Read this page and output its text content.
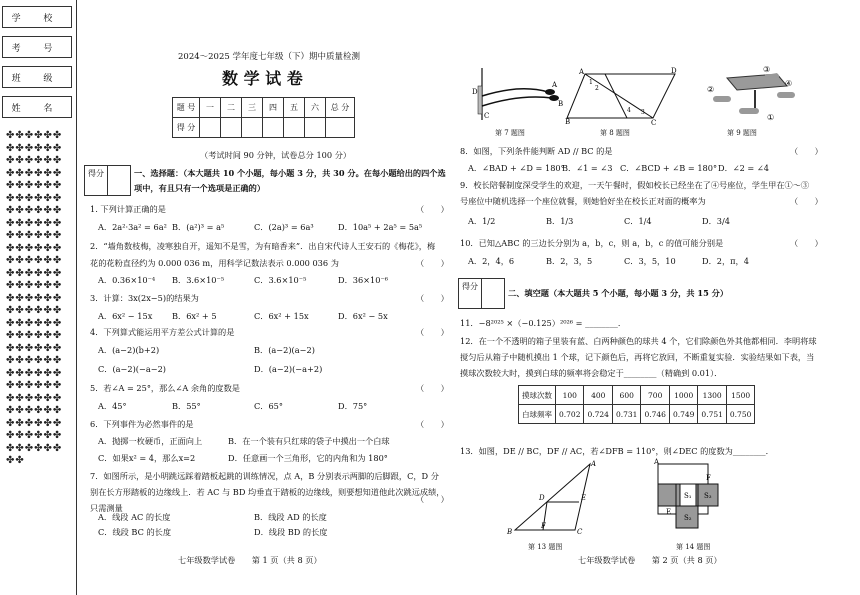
学 校
考 号
班 级
姓 名
✤✤✤✤✤✤✤✤✤✤✤✤✤✤✤✤✤✤✤✤✤✤✤✤✤✤✤✤✤✤✤✤✤✤✤✤✤✤✤✤✤✤✤✤✤✤✤✤✤✤✤✤✤✤✤✤✤✤✤✤✤✤✤✤✤✤✤✤✤✤✤✤✤✤✤✤✤✤✤✤✤✤✤✤✤✤✤✤✤✤✤✤✤✤✤✤✤✤✤✤✤✤✤✤✤✤✤✤✤✤✤✤✤✤✤✤✤✤✤✤✤✤✤✤✤✤✤✤✤✤✤✤✤✤✤✤✤✤✤✤✤✤✤✤✤✤✤✤✤✤✤✤✤✤✤✤✤✤
2024～2025 学年度七年级（下）期中质量检测
数 学 试 卷
题 号	一	二	三	四	五	六	总 分
得 分							
（考试时间 90 分钟，试卷总分 100 分）
得分	一、选择题：（本大题共 10 个小题，每小题 3 分，共 30 分。在每小题给出的四个选
项中，有且只有一个选项是正确的）
1. 下列计算正确的是	（　　）
A．2a²·3a² = 6a² B．(a²)³ = a⁵	C．(2a)³ = 6a³	D．10a⁵ + 2a⁵ = 5a⁵
2．“墙角数枝梅，凌寒独自开，遥知不是雪，为有暗香来”．出自宋代诗人王安石的《梅花》，梅
花的花粉直径约为 0.000 036 m，用科学记数法表示 0.000 036 为	（　　）
A．0.36×10⁻⁴ B．3.6×10⁻⁵	C．3.6×10⁻⁵	D．36×10⁻⁶
3．计算：3x(2x−5)的结果为	（　　）
A．6x² − 15x B．6x² + 5	C．6x² + 15x	D．6x² − 5x
4．下列算式能运用平方差公式计算的是	（　　）
A．(a−2)(b+2)	B．(a−2)(a−2)
C．(a−2)(−a−2)	D．(a−2)(−a+2)
5．若∠A = 25°，那么∠A 余角的度数是	（　　）
A．45°	B．55°	C．65°	D．75°
6．下列事件为必然事件的是	（　　）
A．抛掷一枚硬币，正面向上	B．在一个装有只红球的袋子中摸出一个白球
C．如果x² = 4，那么x=2	D．任意画一个三角形，它的内角和为 180°
7．如图所示，是小明跳远踩着踏板起跳的训练情况，点 A，B 分别表示两脚的后脚跟，C，D 分
别在长方形踏板的边缘线上．若 AC 与 BD 均垂直于踏板的边缘线，则要想知道他此次跳远成绩，
只需测量
（　　）
A．线段 AC 的长度	B．线段 AD 的长度
C．线段 BC 的长度	D．线段 BD 的长度
七年级数学试卷　　第 1 页（共 8 页）
A
B
C
D
A
B	C
D
1
2
3
4
③
④
②
①
第 7 题图	第 8 题图	第 9 题图
8．如图，下列条件能判断 AD // BC 的是	（　　）
A．∠BAD + ∠D = 180°
B．∠1 = ∠3 C．∠BCD + ∠B = 180° D．∠2 = ∠4
9．校长陪餐制度深受学生的欢迎，一天午餐时，假如校长已经坐在了④号座位，学生甲在①～③
号座位中随机选择一个座位就餐，则她恰好坐在校长正对面的概率为	（　　）
A．1/2	B．1/3	C．1/4	D．3/4
10．已知△ABC 的三边长分别为 a，b，c，则 a，b，c 的值可能分别是	（　　）
A．2，4，6	B．2，3，5	C．3，5，10	D．2，π，4
得分
二、填空题（本大题共 5 个小题，每小题 3 分，共 15 分）
11．−8²⁰²⁵ ×（−0.125）²⁰²⁶ = ________．
12．在一个不透明的箱子里装有蓝、白两种颜色的球共 4 个，它们除颜色外其他都相同．李明将球
搅匀后从箱子中随机摸出 1 个球，记下颜色后，再将它放回，不断重复实验．实验结果如下表，当
摸球次数较大时，摸到白球的频率将会稳定于________（精确到 0.01）．
摸球次数	100	400	600	700	1000	1300	1500
白球频率	0.702	0.724	0.731	0.746	0.749	0.751	0.750
13．如图，DE // BC，DF // AC，若∠DFB = 110°，则∠DEC 的度数为________．
A
B	C
D	E
F
A
F
E
S₁
S₂
S₃
第 13 题图	第 14 题图
七年级数学试卷　　第 2 页（共 8 页）
